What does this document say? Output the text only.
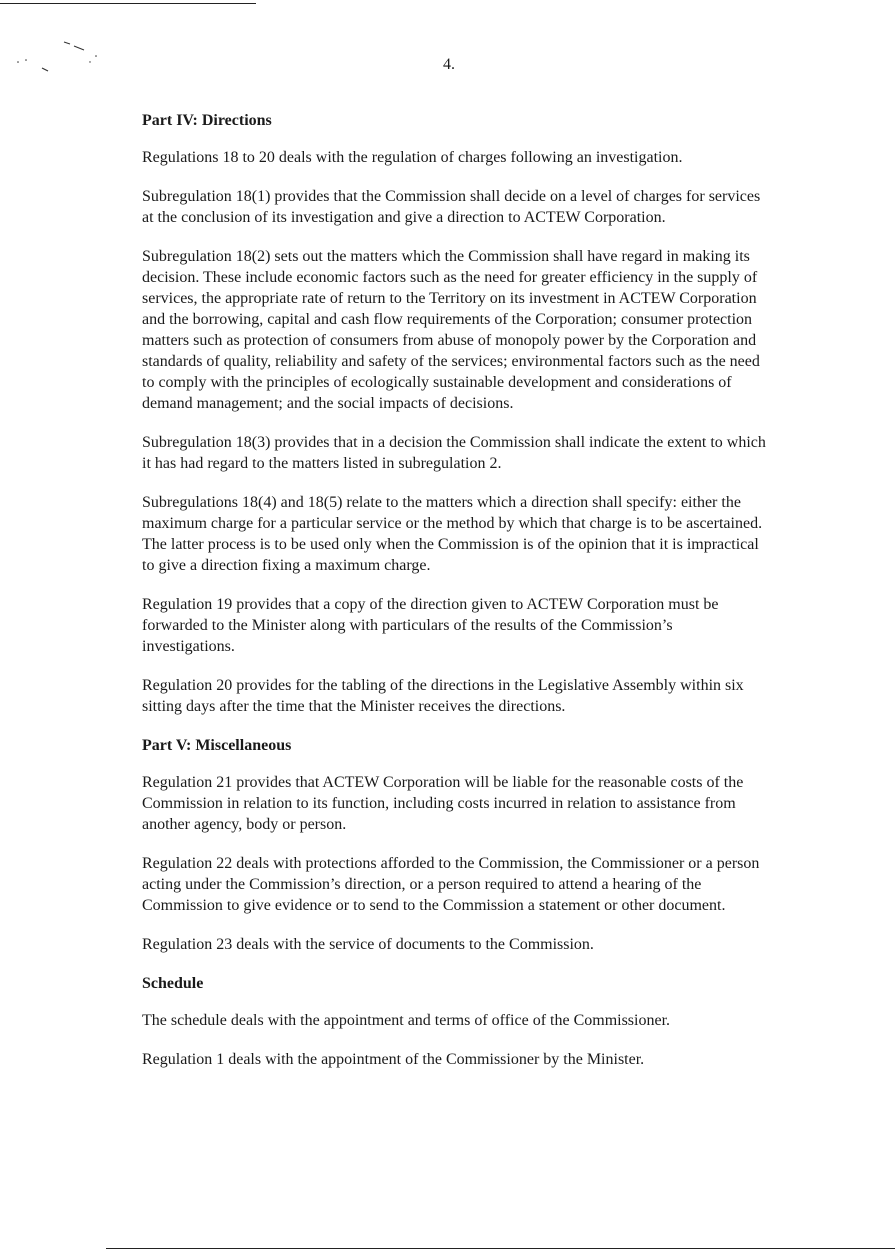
4.

Part IV: Directions

Regulations 18 to 20 deals with the regulation of charges following an investigation.

Subregulation 18(1) provides that the Commission shall decide on a level of charges for services at the conclusion of its investigation and give a direction to ACTEW Corporation.

Subregulation 18(2) sets out the matters which the Commission shall have regard in making its decision. These include economic factors such as the need for greater efficiency in the supply of services, the appropriate rate of return to the Territory on its investment in ACTEW Corporation and the borrowing, capital and cash flow requirements of the Corporation; consumer protection matters such as protection of consumers from abuse of monopoly power by the Corporation and standards of quality, reliability and safety of the services; environmental factors such as the need to comply with the principles of ecologically sustainable development and considerations of demand management; and the social impacts of decisions.

Subregulation 18(3) provides that in a decision the Commission shall indicate the extent to which it has had regard to the matters listed in subregulation 2.

Subregulations 18(4) and 18(5) relate to the matters which a direction shall specify: either the maximum charge for a particular service or the method by which that charge is to be ascertained. The latter process is to be used only when the Commission is of the opinion that it is impractical to give a direction fixing a maximum charge.

Regulation 19 provides that a copy of the direction given to ACTEW Corporation must be forwarded to the Minister along with particulars of the results of the Commission’s investigations.

Regulation 20 provides for the tabling of the directions in the Legislative Assembly within six sitting days after the time that the Minister receives the directions.

Part V: Miscellaneous

Regulation 21 provides that ACTEW Corporation will be liable for the reasonable costs of the Commission in relation to its function, including costs incurred in relation to assistance from another agency, body or person.

Regulation 22 deals with protections afforded to the Commission, the Commissioner or a person acting under the Commission’s direction, or a person required to attend a hearing of the Commission to give evidence or to send to the Commission a statement or other document.

Regulation 23 deals with the service of documents to the Commission.

Schedule

The schedule deals with the appointment and terms of office of the Commissioner.

Regulation 1 deals with the appointment of the Commissioner by the Minister.
